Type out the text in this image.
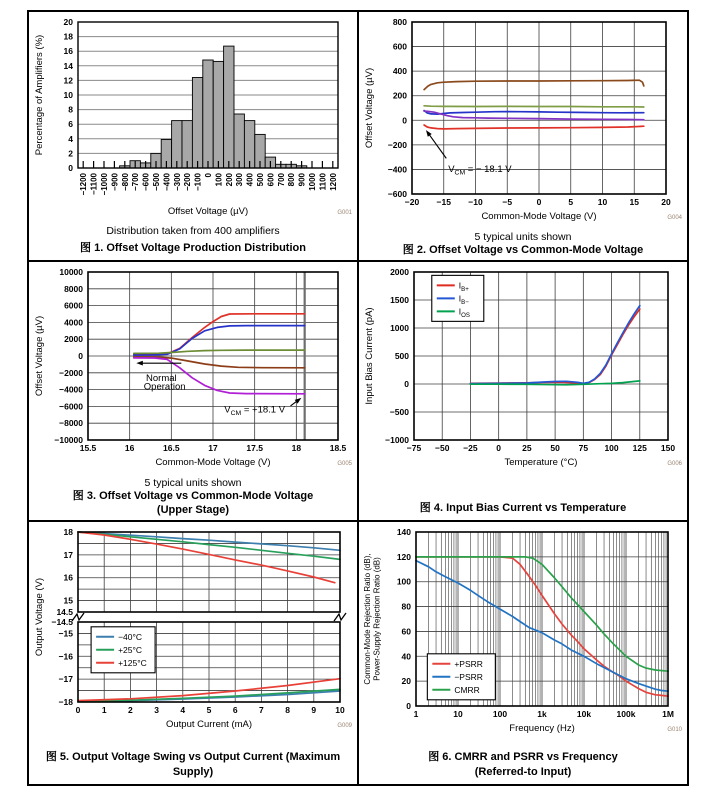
0
2
4
6
8
10
12
14
16
18
20
−1200 −1100 −1000 −900 −800 −700 −600 −500 −400 −300 −200 −100 0 100 200 300 400 500 600 700 800 900 1000 1100 1200
Offset Voltage (µV)
Percentage of Amplifiers (%)
G001
Distribution taken from 400 amplifiers
图 1. Offset Voltage Production Distribution
−20 −15 −10 −5	0	5	10	15	20
−600
−400
−200
0
200
400
600
800
Common-Mode Voltage (V)
Offset Voltage (µV)
G004
$V_{CM}$ = − 18.1 V
5 typical units shown
图 2. Offset Voltage vs Common-Mode Voltage
15.5	16	16.5	17	17.5	18	18.5
−10000
−8000
−6000
−4000
−2000
0
2000
4000
6000
8000
10000
Common-Mode Voltage (V)
Offset Voltage (µV)
G005
Normal
Operation
$V_{CM} = +18.1$ V
5 typical units shown
图 3. Offset Voltage vs Common-Mode Voltage
(Upper Stage)
−75 −50 −25 0 25 50 75 100 125 150
−1000
−500
0
500
1000
1500
2000
Temperature (°C)
Input Bias Current (pA)
G006
$I_{B+}$
$I_{B-}$
$I_{OS}$
图 4. Input Bias Current vs Temperature
18
17
16
15
14.5
−14.5
−15
−16
−17
−18
0	1	2	3	4	5	6	7	8	9 10
Output Current (mA)
Output Voltage (V)
G009
−40°C
+25°C
+125°C
图 5. Output Voltage Swing vs Output Current (Maximum
Supply)
1	10	100	1k	10k	100k	1M
0
20
40
60
80
100
120
140
Frequency (Hz)
Common-Mode Rejection Ratio (dB), Power-Supply Rejection Ratio (dB)
G010
+PSRR
−PSRR
CMRR
图 6. CMRR and PSRR vs Frequency
(Referred-to Input)
